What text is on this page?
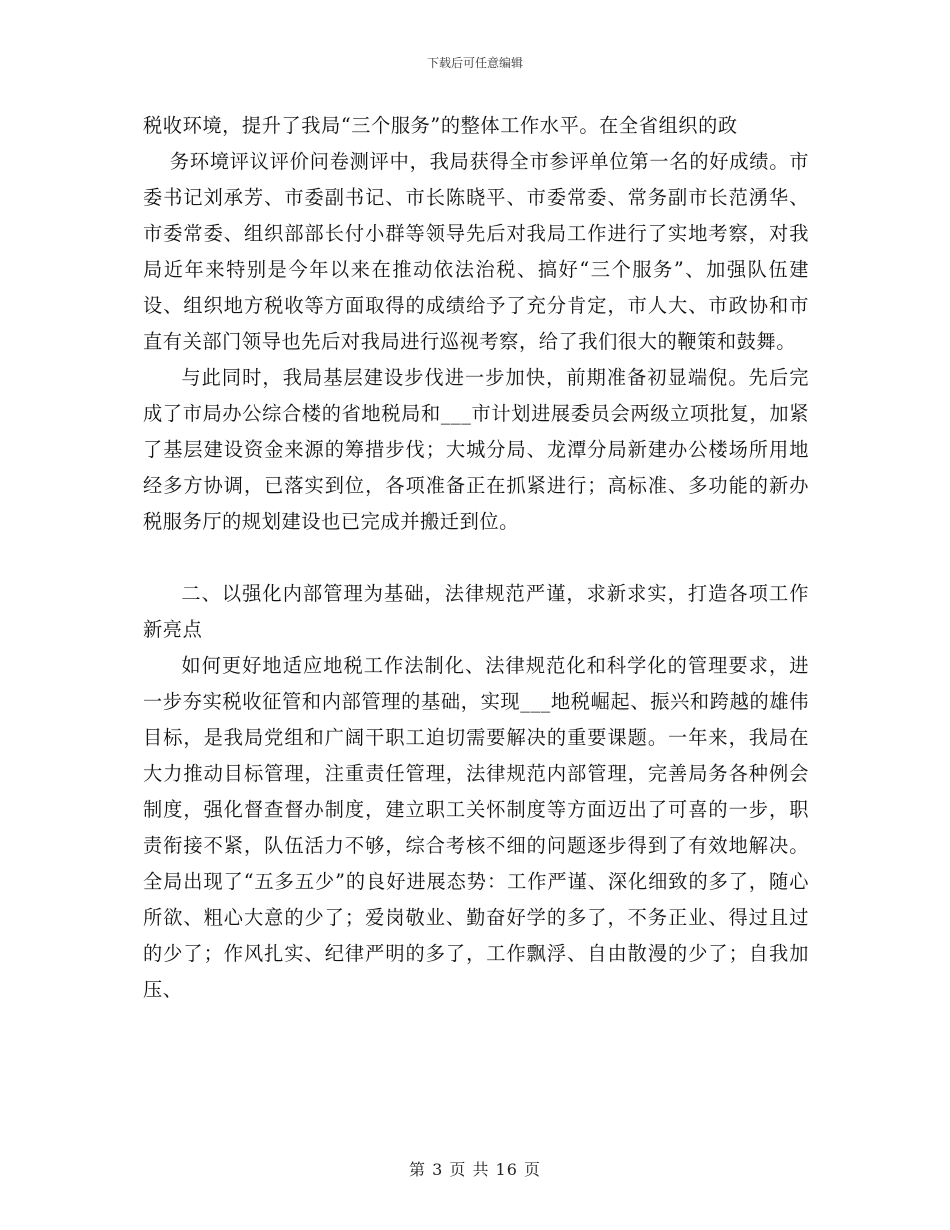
下载后可任意编辑

税收环境，提升了我局“三个服务”的整体工作水平。在全省组织的政

务环境评议评价问卷测评中，我局获得全市参评单位第一名的好成绩。市委书记刘承芳、市委副书记、市长陈晓平、市委常委、常务副市长范湧华、市委常委、组织部部长付小群等领导先后对我局工作进行了实地考察，对我局近年来特别是今年以来在推动依法治税、搞好“三个服务”、加强队伍建设、组织地方税收等方面取得的成绩给予了充分肯定，市人大、市政协和市直有关部门领导也先后对我局进行巡视考察，给了我们很大的鞭策和鼓舞。

与此同时，我局基层建设步伐进一步加快，前期准备初显端倪。先后完成了市局办公综合楼的省地税局和___市计划进展委员会两级立项批复，加紧了基层建设资金来源的筹措步伐；大城分局、龙潭分局新建办公楼场所用地经多方协调，已落实到位，各项准备正在抓紧进行；高标准、多功能的新办税服务厅的规划建设也已完成并搬迁到位。

二、以强化内部管理为基础，法律规范严谨，求新求实，打造各项工作新亮点

如何更好地适应地税工作法制化、法律规范化和科学化的管理要求，进一步夯实税收征管和内部管理的基础，实现___地税崛起、振兴和跨越的雄伟目标，是我局党组和广阔干职工迫切需要解决的重要课题。一年来，我局在大力推动目标管理，注重责任管理，法律规范内部管理，完善局务各种例会制度，强化督查督办制度，建立职工关怀制度等方面迈出了可喜的一步，职责衔接不紧，队伍活力不够，综合考核不细的问题逐步得到了有效地解决。全局出现了“五多五少”的良好进展态势：工作严谨、深化细致的多了，随心所欲、粗心大意的少了；爱岗敬业、勤奋好学的多了，不务正业、得过且过的少了；作风扎实、纪律严明的多了，工作飘浮、自由散漫的少了；自我加压、

第 3 页 共 16 页
